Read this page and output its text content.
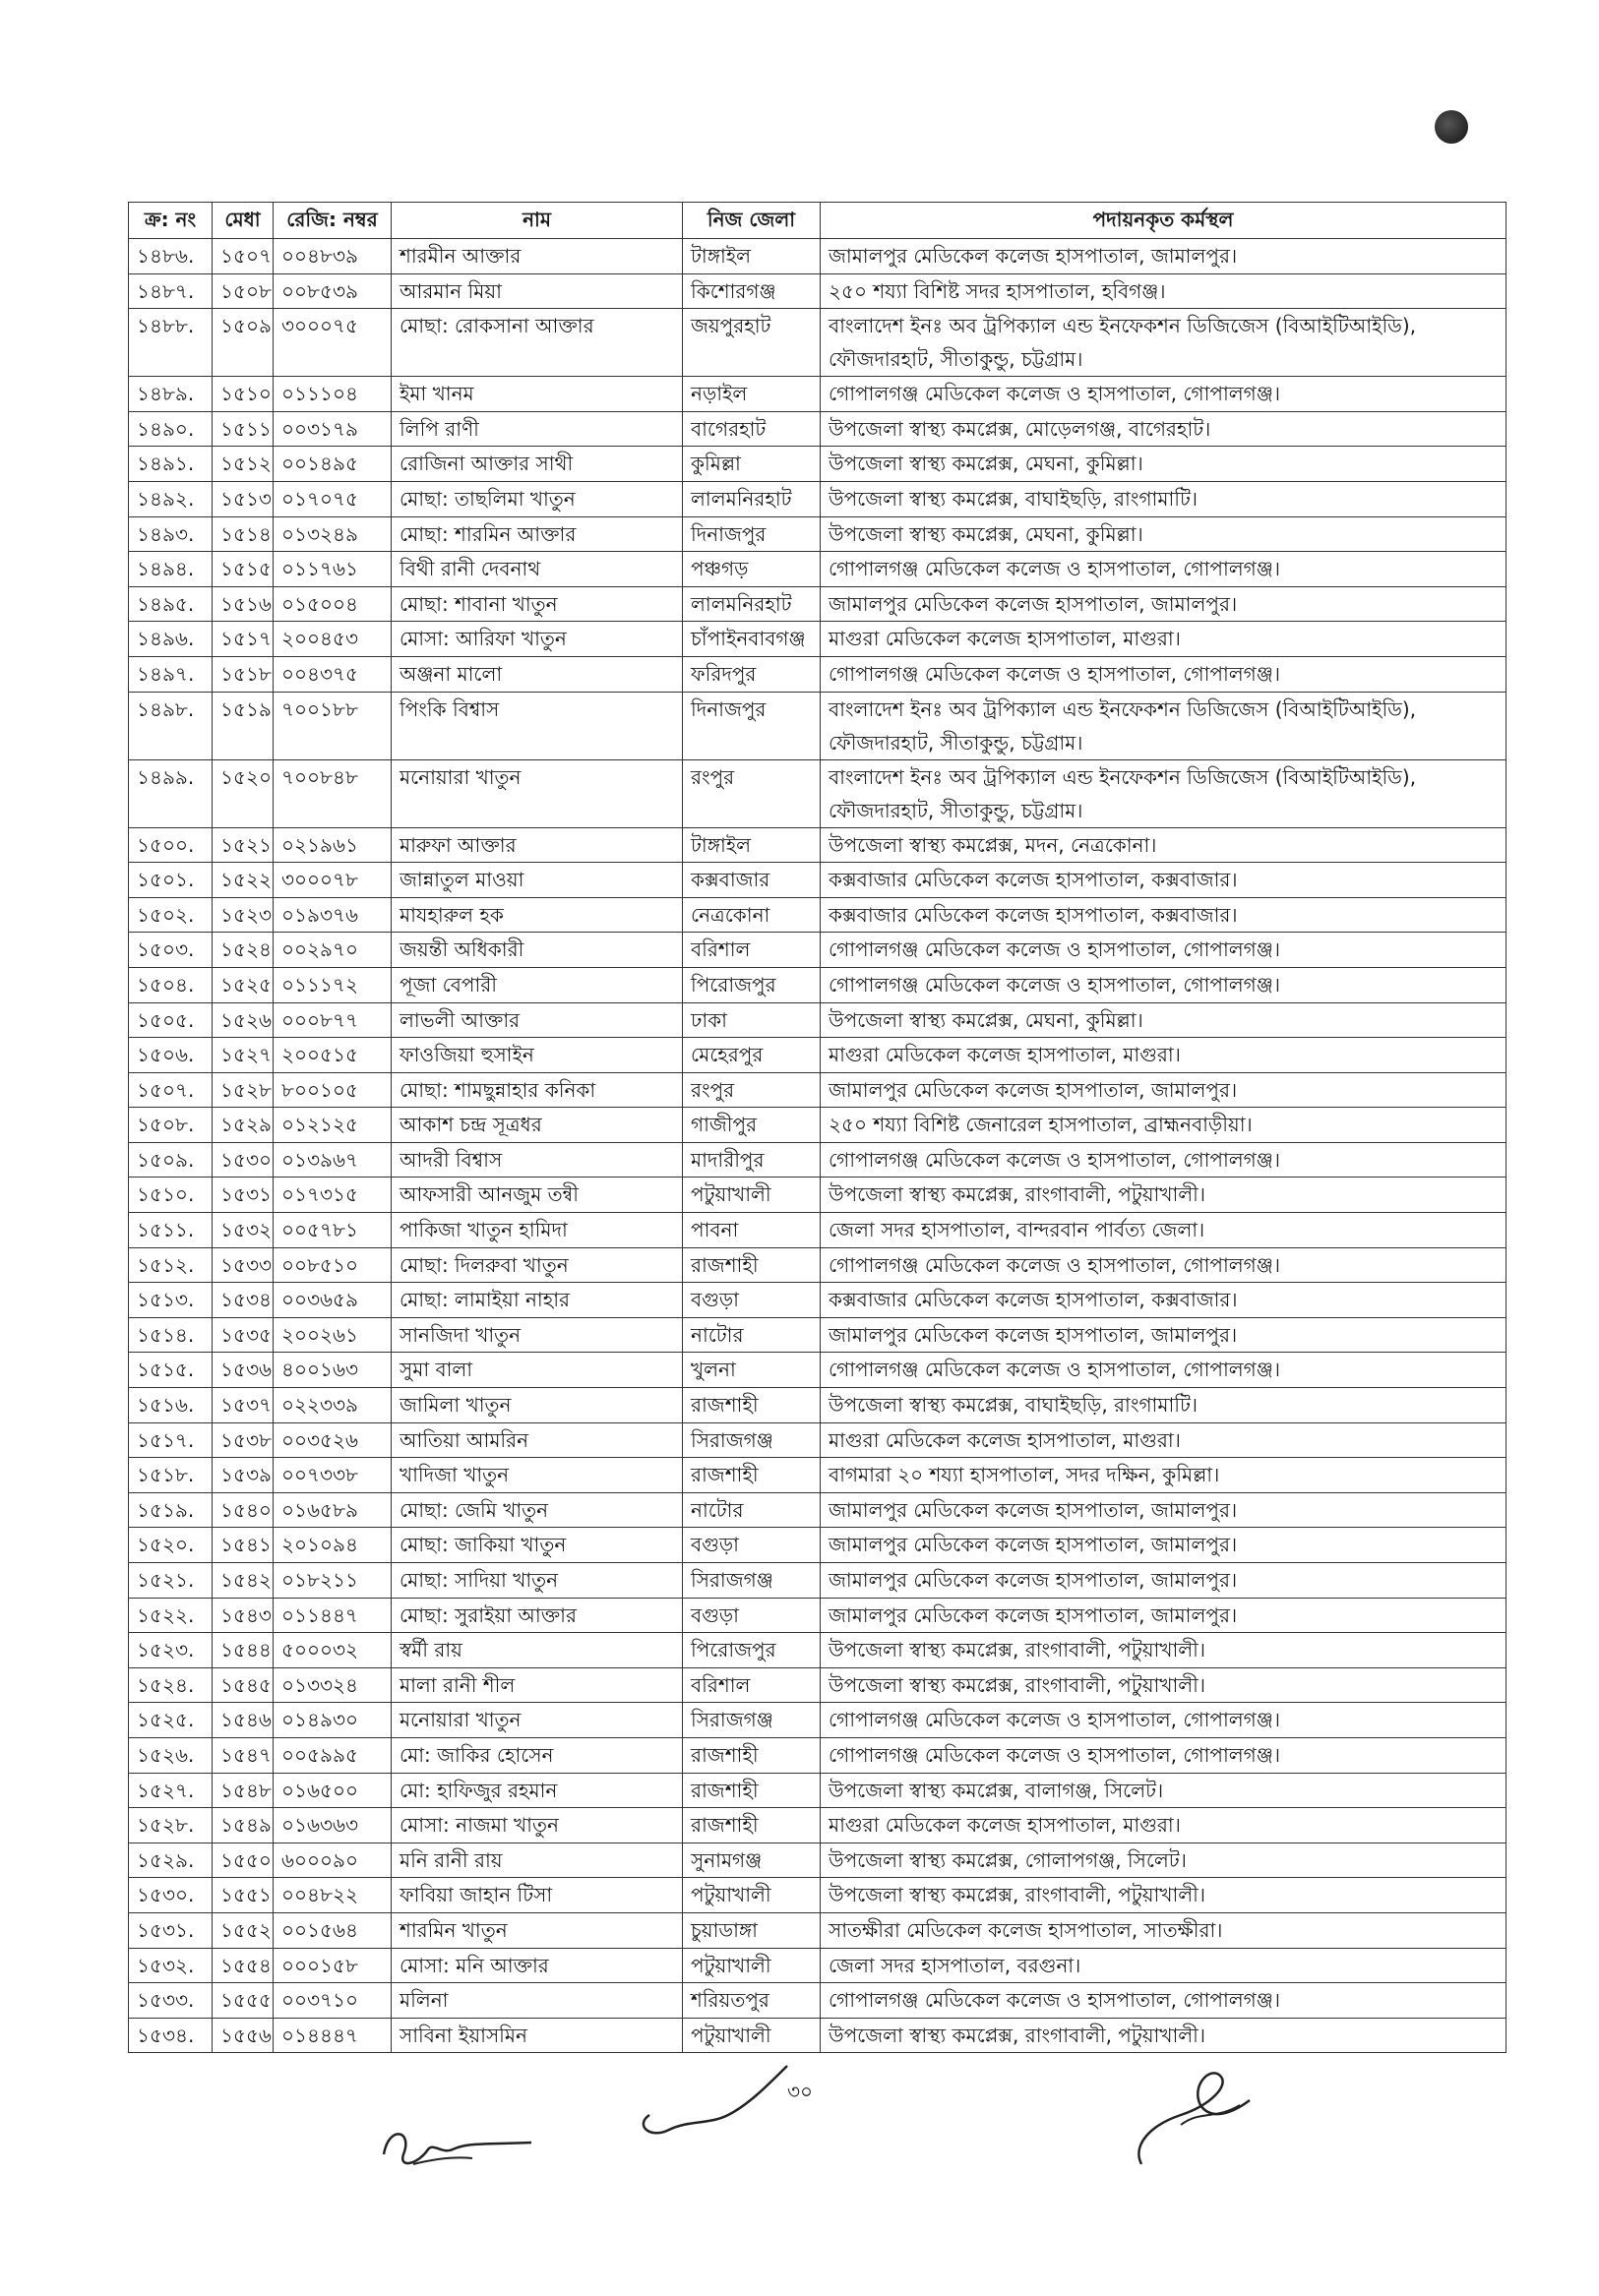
ক্র: নং	মেধা	রেজি: নম্বর	নাম	নিজ জেলা	পদায়নকৃত কর্মস্থল
১৪৮৬.	১৫০৭	০০৪৮৩৯	শারমীন আক্তার	টাঙ্গাইল	জামালপুর মেডিকেল কলেজ হাসপাতাল, জামালপুর।
১৪৮৭.	১৫০৮	০০৮৫৩৯	আরমান মিয়া	কিশোরগঞ্জ	২৫০ শয্যা বিশিষ্ট সদর হাসপাতাল, হবিগঞ্জ।
১৪৮৮.	১৫০৯	৩০০০৭৫	মোছা: রোকসানা আক্তার	জয়পুরহাট	বাংলাদেশ ইনঃ অব ট্রপিক্যাল এন্ড ইনফেকশন ডিজিজেস (বিআইটিআইডি), ফৌজদারহাট, সীতাকুন্ডু, চট্টগ্রাম।
১৪৮৯.	১৫১০	০১১১০৪	ইমা খানম	নড়াইল	গোপালগঞ্জ মেডিকেল কলেজ ও হাসপাতাল, গোপালগঞ্জ।
১৪৯০.	১৫১১	০০৩১৭৯	লিপি রাণী	বাগেরহাট	উপজেলা স্বাস্থ্য কমপ্লেক্স, মোড়েলগঞ্জ, বাগেরহাট।
১৪৯১.	১৫১২	০০১৪৯৫	রোজিনা আক্তার সাথী	কুমিল্লা	উপজেলা স্বাস্থ্য কমপ্লেক্স, মেঘনা, কুমিল্লা।
১৪৯২.	১৫১৩	০১৭০৭৫	মোছা: তাছলিমা খাতুন	লালমনিরহাট	উপজেলা স্বাস্থ্য কমপ্লেক্স, বাঘাইছড়ি, রাংগামাটি।
১৪৯৩.	১৫১৪	০১৩২৪৯	মোছা: শারমিন আক্তার	দিনাজপুর	উপজেলা স্বাস্থ্য কমপ্লেক্স, মেঘনা, কুমিল্লা।
১৪৯৪.	১৫১৫	০১১৭৬১	বিথী রানী দেবনাথ	পঞ্চগড়	গোপালগঞ্জ মেডিকেল কলেজ ও হাসপাতাল, গোপালগঞ্জ।
১৪৯৫.	১৫১৬	০১৫০০৪	মোছা: শাবানা খাতুন	লালমনিরহাট	জামালপুর মেডিকেল কলেজ হাসপাতাল, জামালপুর।
১৪৯৬.	১৫১৭	২০০৪৫৩	মোসা: আরিফা খাতুন	চাঁপাইনবাবগঞ্জ	মাগুরা মেডিকেল কলেজ হাসপাতাল, মাগুরা।
১৪৯৭.	১৫১৮	০০৪৩৭৫	অঞ্জনা মালো	ফরিদপুর	গোপালগঞ্জ মেডিকেল কলেজ ও হাসপাতাল, গোপালগঞ্জ।
১৪৯৮.	১৫১৯	৭০০১৮৮	পিংকি বিশ্বাস	দিনাজপুর	বাংলাদেশ ইনঃ অব ট্রপিক্যাল এন্ড ইনফেকশন ডিজিজেস (বিআইটিআইডি), ফৌজদারহাট, সীতাকুন্ডু, চট্টগ্রাম।
১৪৯৯.	১৫২০	৭০০৮৪৮	মনোয়ারা খাতুন	রংপুর	বাংলাদেশ ইনঃ অব ট্রপিক্যাল এন্ড ইনফেকশন ডিজিজেস (বিআইটিআইডি), ফৌজদারহাট, সীতাকুন্ডু, চট্টগ্রাম।
১৫০০.	১৫২১	০২১৯৬১	মারুফা আক্তার	টাঙ্গাইল	উপজেলা স্বাস্থ্য কমপ্লেক্স, মদন, নেত্রকোনা।
১৫০১.	১৫২২	৩০০০৭৮	জান্নাতুল মাওয়া	কক্সবাজার	কক্সবাজার মেডিকেল কলেজ হাসপাতাল, কক্সবাজার।
১৫০২.	১৫২৩	০১৯৩৭৬	মাযহারুল হক	নেত্রকোনা	কক্সবাজার মেডিকেল কলেজ হাসপাতাল, কক্সবাজার।
১৫০৩.	১৫২৪	০০২৯৭০	জয়ন্তী অধিকারী	বরিশাল	গোপালগঞ্জ মেডিকেল কলেজ ও হাসপাতাল, গোপালগঞ্জ।
১৫০৪.	১৫২৫	০১১১৭২	পূজা বেপারী	পিরোজপুর	গোপালগঞ্জ মেডিকেল কলেজ ও হাসপাতাল, গোপালগঞ্জ।
১৫০৫.	১৫২৬	০০০৮৭৭	লাভলী আক্তার	ঢাকা	উপজেলা স্বাস্থ্য কমপ্লেক্স, মেঘনা, কুমিল্লা।
১৫০৬.	১৫২৭	২০০৫১৫	ফাওজিয়া হুসাইন	মেহেরপুর	মাগুরা মেডিকেল কলেজ হাসপাতাল, মাগুরা।
১৫০৭.	১৫২৮	৮০০১০৫	মোছা: শামছুন্নাহার কনিকা	রংপুর	জামালপুর মেডিকেল কলেজ হাসপাতাল, জামালপুর।
১৫০৮.	১৫২৯	০১২১২৫	আকাশ চন্দ্র সূত্রধর	গাজীপুর	২৫০ শয্যা বিশিষ্ট জেনারেল হাসপাতাল, ব্রাহ্মনবাড়ীয়া।
১৫০৯.	১৫৩০	০১৩৯৬৭	আদরী বিশ্বাস	মাদারীপুর	গোপালগঞ্জ মেডিকেল কলেজ ও হাসপাতাল, গোপালগঞ্জ।
১৫১০.	১৫৩১	০১৭৩১৫	আফসারী আনজুম তন্বী	পটুয়াখালী	উপজেলা স্বাস্থ্য কমপ্লেক্স, রাংগাবালী, পটুয়াখালী।
১৫১১.	১৫৩২	০০৫৭৮১	পাকিজা খাতুন হামিদা	পাবনা	জেলা সদর হাসপাতাল, বান্দরবান পার্বত্য জেলা।
১৫১২.	১৫৩৩	০০৮৫১০	মোছা: দিলরুবা খাতুন	রাজশাহী	গোপালগঞ্জ মেডিকেল কলেজ ও হাসপাতাল, গোপালগঞ্জ।
১৫১৩.	১৫৩৪	০০৩৬৫৯	মোছা: লামাইয়া নাহার	বগুড়া	কক্সবাজার মেডিকেল কলেজ হাসপাতাল, কক্সবাজার।
১৫১৪.	১৫৩৫	২০০২৬১	সানজিদা খাতুন	নাটোর	জামালপুর মেডিকেল কলেজ হাসপাতাল, জামালপুর।
১৫১৫.	১৫৩৬	৪০০১৬৩	সুমা বালা	খুলনা	গোপালগঞ্জ মেডিকেল কলেজ ও হাসপাতাল, গোপালগঞ্জ।
১৫১৬.	১৫৩৭	০২২৩৩৯	জামিলা খাতুন	রাজশাহী	উপজেলা স্বাস্থ্য কমপ্লেক্স, বাঘাইছড়ি, রাংগামাটি।
১৫১৭.	১৫৩৮	০০৩৫২৬	আতিয়া আমরিন	সিরাজগঞ্জ	মাগুরা মেডিকেল কলেজ হাসপাতাল, মাগুরা।
১৫১৮.	১৫৩৯	০০৭৩৩৮	খাদিজা খাতুন	রাজশাহী	বাগমারা ২০ শয্যা হাসপাতাল, সদর দক্ষিন, কুমিল্লা।
১৫১৯.	১৫৪০	০১৬৫৮৯	মোছা: জেমি খাতুন	নাটোর	জামালপুর মেডিকেল কলেজ হাসপাতাল, জামালপুর।
১৫২০.	১৫৪১	২০১০৯৪	মোছা: জাকিয়া খাতুন	বগুড়া	জামালপুর মেডিকেল কলেজ হাসপাতাল, জামালপুর।
১৫২১.	১৫৪২	০১৮২১১	মোছা: সাদিয়া খাতুন	সিরাজগঞ্জ	জামালপুর মেডিকেল কলেজ হাসপাতাল, জামালপুর।
১৫২২.	১৫৪৩	০১১৪৪৭	মোছা: সুরাইয়া আক্তার	বগুড়া	জামালপুর মেডিকেল কলেজ হাসপাতাল, জামালপুর।
১৫২৩.	১৫৪৪	৫০০০৩২	স্বর্মী রায়	পিরোজপুর	উপজেলা স্বাস্থ্য কমপ্লেক্স, রাংগাবালী, পটুয়াখালী।
১৫২৪.	১৫৪৫	০১৩৩২৪	মালা রানী শীল	বরিশাল	উপজেলা স্বাস্থ্য কমপ্লেক্স, রাংগাবালী, পটুয়াখালী।
১৫২৫.	১৫৪৬	০১৪৯৩০	মনোয়ারা খাতুন	সিরাজগঞ্জ	গোপালগঞ্জ মেডিকেল কলেজ ও হাসপাতাল, গোপালগঞ্জ।
১৫২৬.	১৫৪৭	০০৫৯৯৫	মো: জাকির হোসেন	রাজশাহী	গোপালগঞ্জ মেডিকেল কলেজ ও হাসপাতাল, গোপালগঞ্জ।
১৫২৭.	১৫৪৮	০১৬৫০০	মো: হাফিজুর রহমান	রাজশাহী	উপজেলা স্বাস্থ্য কমপ্লেক্স, বালাগঞ্জ, সিলেট।
১৫২৮.	১৫৪৯	০১৬৩৬৩	মোসা: নাজমা খাতুন	রাজশাহী	মাগুরা মেডিকেল কলেজ হাসপাতাল, মাগুরা।
১৫২৯.	১৫৫০	৬০০০৯০	মনি রানী রায়	সুনামগঞ্জ	উপজেলা স্বাস্থ্য কমপ্লেক্স, গোলাপগঞ্জ, সিলেট।
১৫৩০.	১৫৫১	০০৪৮২২	ফাবিয়া জাহান টিসা	পটুয়াখালী	উপজেলা স্বাস্থ্য কমপ্লেক্স, রাংগাবালী, পটুয়াখালী।
১৫৩১.	১৫৫২	০০১৫৬৪	শারমিন খাতুন	চুয়াডাঙ্গা	সাতক্ষীরা মেডিকেল কলেজ হাসপাতাল, সাতক্ষীরা।
১৫৩২.	১৫৫৪	০০০১৫৮	মোসা: মনি আক্তার	পটুয়াখালী	জেলা সদর হাসপাতাল, বরগুনা।
১৫৩৩.	১৫৫৫	০০৩৭১০	মলিনা	শরিয়তপুর	গোপালগঞ্জ মেডিকেল কলেজ ও হাসপাতাল, গোপালগঞ্জ।
১৫৩৪.	১৫৫৬	০১৪৪৪৭	সাবিনা ইয়াসমিন	পটুয়াখালী	উপজেলা স্বাস্থ্য কমপ্লেক্স, রাংগাবালী, পটুয়াখালী।
৩০
